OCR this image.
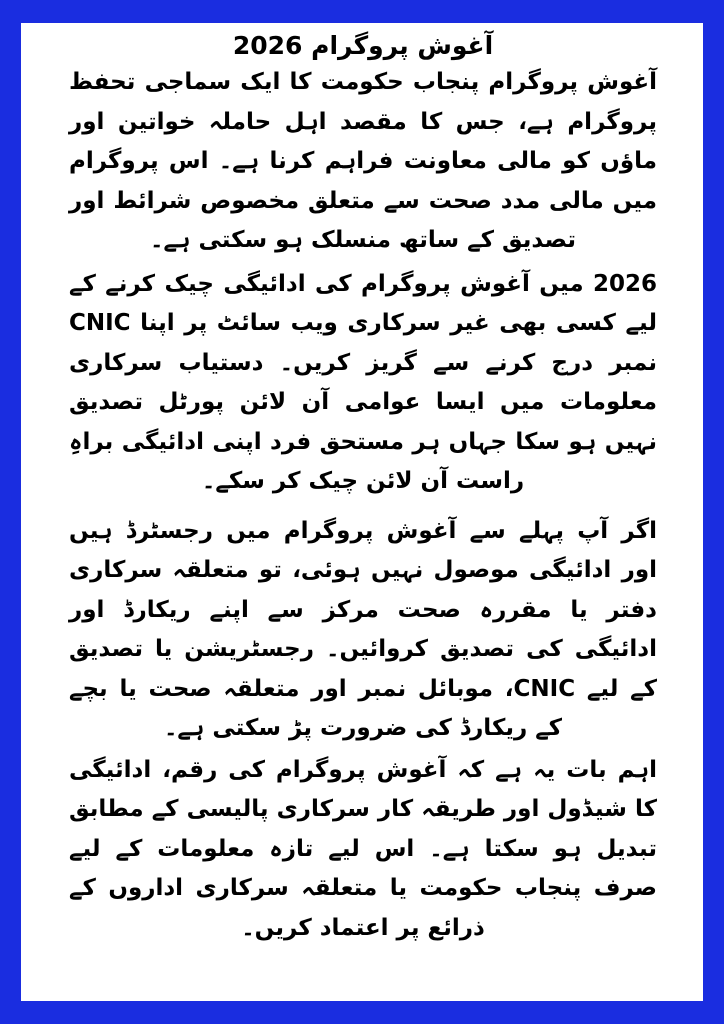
آغوش پروگرام 2026

آغوش پروگرام پنجاب حکومت کا ایک سماجی تحفظ پروگرام ہے، جس کا مقصد اہل حاملہ خواتین اور ماؤں کو مالی معاونت فراہم کرنا ہے۔ اس پروگرام میں مالی مدد صحت سے متعلق مخصوص شرائط اور تصدیق کے ساتھ منسلک ہو سکتی ہے۔

2026 میں آغوش پروگرام کی ادائیگی چیک کرنے کے لیے کسی بھی غیر سرکاری ویب سائٹ پر اپنا CNIC نمبر درج کرنے سے گریز کریں۔ دستیاب سرکاری معلومات میں ایسا عوامی آن لائن پورٹل تصدیق نہیں ہو سکا جہاں ہر مستحق فرد اپنی ادائیگی براہِ راست آن لائن چیک کر سکے۔

اگر آپ پہلے سے آغوش پروگرام میں رجسٹرڈ ہیں اور ادائیگی موصول نہیں ہوئی، تو متعلقہ سرکاری دفتر یا مقررہ صحت مرکز سے اپنے ریکارڈ اور ادائیگی کی تصدیق کروائیں۔ رجسٹریشن یا تصدیق کے لیے CNIC، موبائل نمبر اور متعلقہ صحت یا بچے کے ریکارڈ کی ضرورت پڑ سکتی ہے۔

اہم بات یہ ہے کہ آغوش پروگرام کی رقم، ادائیگی کا شیڈول اور طریقہ کار سرکاری پالیسی کے مطابق تبدیل ہو سکتا ہے۔ اس لیے تازہ معلومات کے لیے صرف پنجاب حکومت یا متعلقہ سرکاری اداروں کے ذرائع پر اعتماد کریں۔
